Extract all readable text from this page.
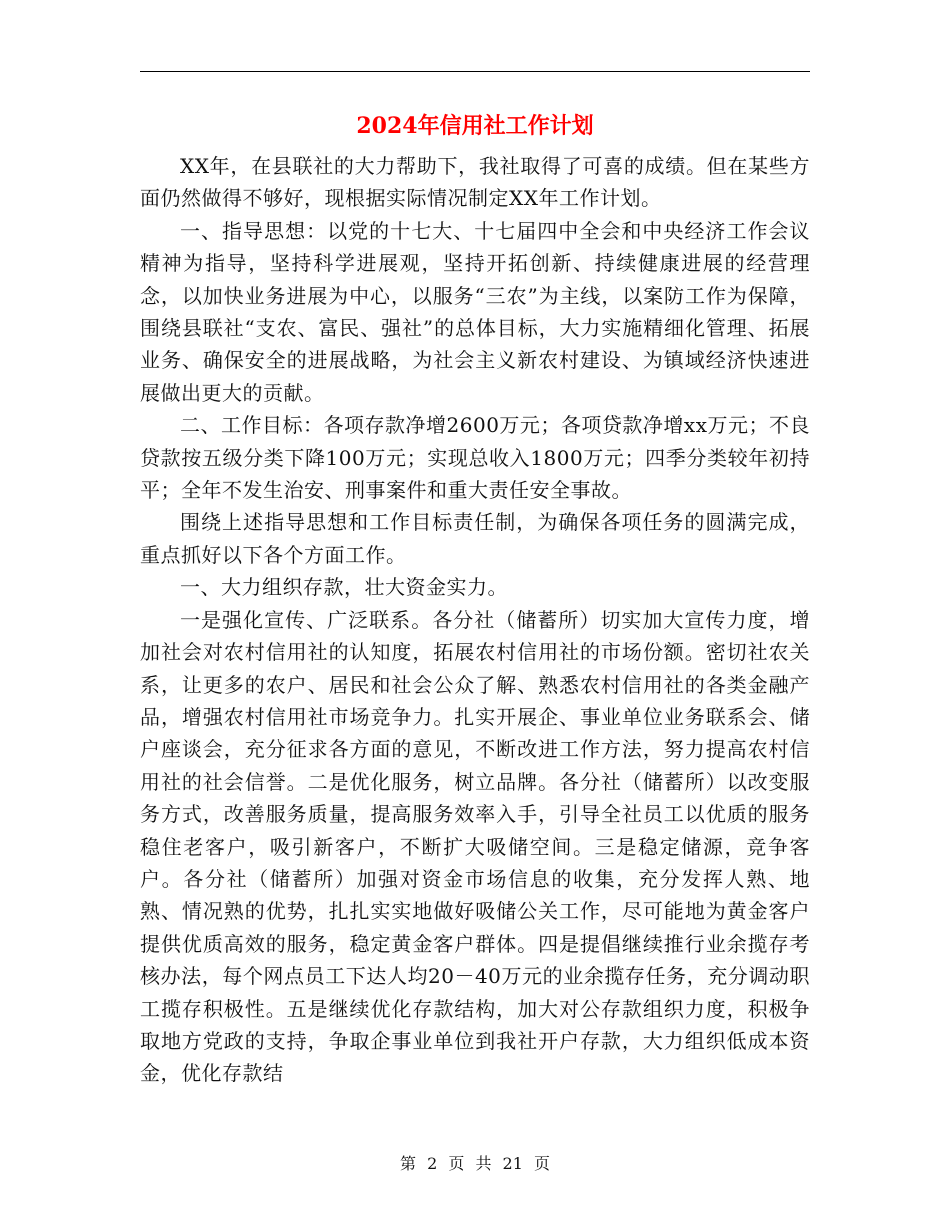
2024年信用社工作计划

XX年，在县联社的大力帮助下，我社取得了可喜的成绩。但在某些方面仍然做得不够好，现根据实际情况制定XX年工作计划。

一、指导思想：以党的十七大、十七届四中全会和中央经济工作会议精神为指导，坚持科学进展观，坚持开拓创新、持续健康进展的经营理念，以加快业务进展为中心，以服务“三农”为主线，以案防工作为保障，围绕县联社“支农、富民、强社”的总体目标，大力实施精细化管理、拓展业务、确保安全的进展战略，为社会主义新农村建设、为镇域经济快速进展做出更大的贡献。

二、工作目标：各项存款净增2600万元；各项贷款净增xx万元；不良贷款按五级分类下降100万元；实现总收入1800万元；四季分类较年初持平；全年不发生治安、刑事案件和重大责任安全事故。

围绕上述指导思想和工作目标责任制，为确保各项任务的圆满完成，重点抓好以下各个方面工作。

一、大力组织存款，壮大资金实力。

一是强化宣传、广泛联系。各分社（储蓄所）切实加大宣传力度，增加社会对农村信用社的认知度，拓展农村信用社的市场份额。密切社农关系，让更多的农户、居民和社会公众了解、熟悉农村信用社的各类金融产品，增强农村信用社市场竞争力。扎实开展企、事业单位业务联系会、储户座谈会，充分征求各方面的意见，不断改进工作方法，努力提高农村信用社的社会信誉。二是优化服务，树立品牌。各分社（储蓄所）以改变服务方式，改善服务质量，提高服务效率入手，引导全社员工以优质的服务稳住老客户，吸引新客户，不断扩大吸储空间。三是稳定储源，竞争客户。各分社（储蓄所）加强对资金市场信息的收集，充分发挥人熟、地熟、情况熟的优势，扎扎实实地做好吸储公关工作，尽可能地为黄金客户提供优质高效的服务，稳定黄金客户群体。四是提倡继续推行业余揽存考核办法，每个网点员工下达人均20－40万元的业余揽存任务，充分调动职工揽存积极性。五是继续优化存款结构，加大对公存款组织力度，积极争取地方党政的支持，争取企事业单位到我社开户存款，大力组织低成本资金，优化存款结

第 2 页 共 21 页
